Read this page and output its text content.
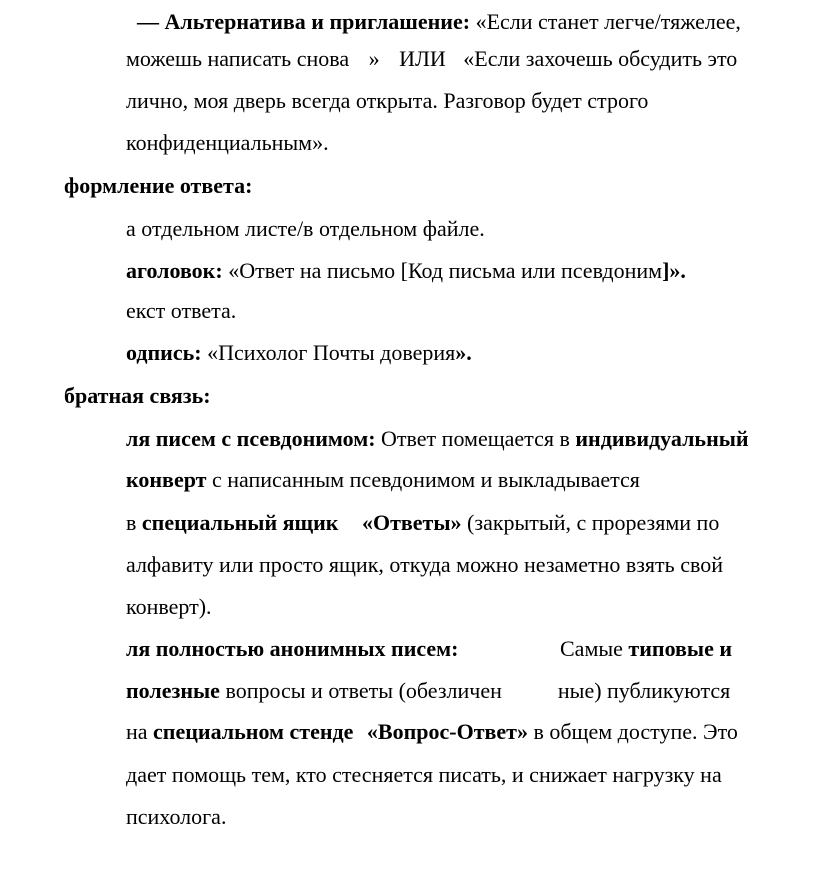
— Альтернатива и приглашение: «Если станет легче/тяжелее,
можешь написать снова » ИЛИ «Если захочешь обсудить это
лично, моя дверь всегда открыта. Разговор будет строго
конфиденциальным».
формление ответа:
а отдельном листе/в отдельном файле.
аголовок: «Ответ на письмо [Код письма или псевдоним]».
екст ответа.
одпись: «Психолог Почты доверия».
братная связь:
ля писем с псевдонимом: Ответ помещается в индивидуальный
конверт с написанным псевдонимом и выкладывается
в специальный ящик «Ответы» (закрытый, с прорезями по
алфавиту или просто ящик, откуда можно незаметно взять свой
конверт).
ля полностью анонимных писем:	Самые типовые и
полезные вопросы и ответы (обезличен	ные) публикуются
на специальном стенде «Вопрос-Ответ» в общем доступе. Это
дает помощь тем, кто стесняется писать, и снижает нагрузку на
психолога.
